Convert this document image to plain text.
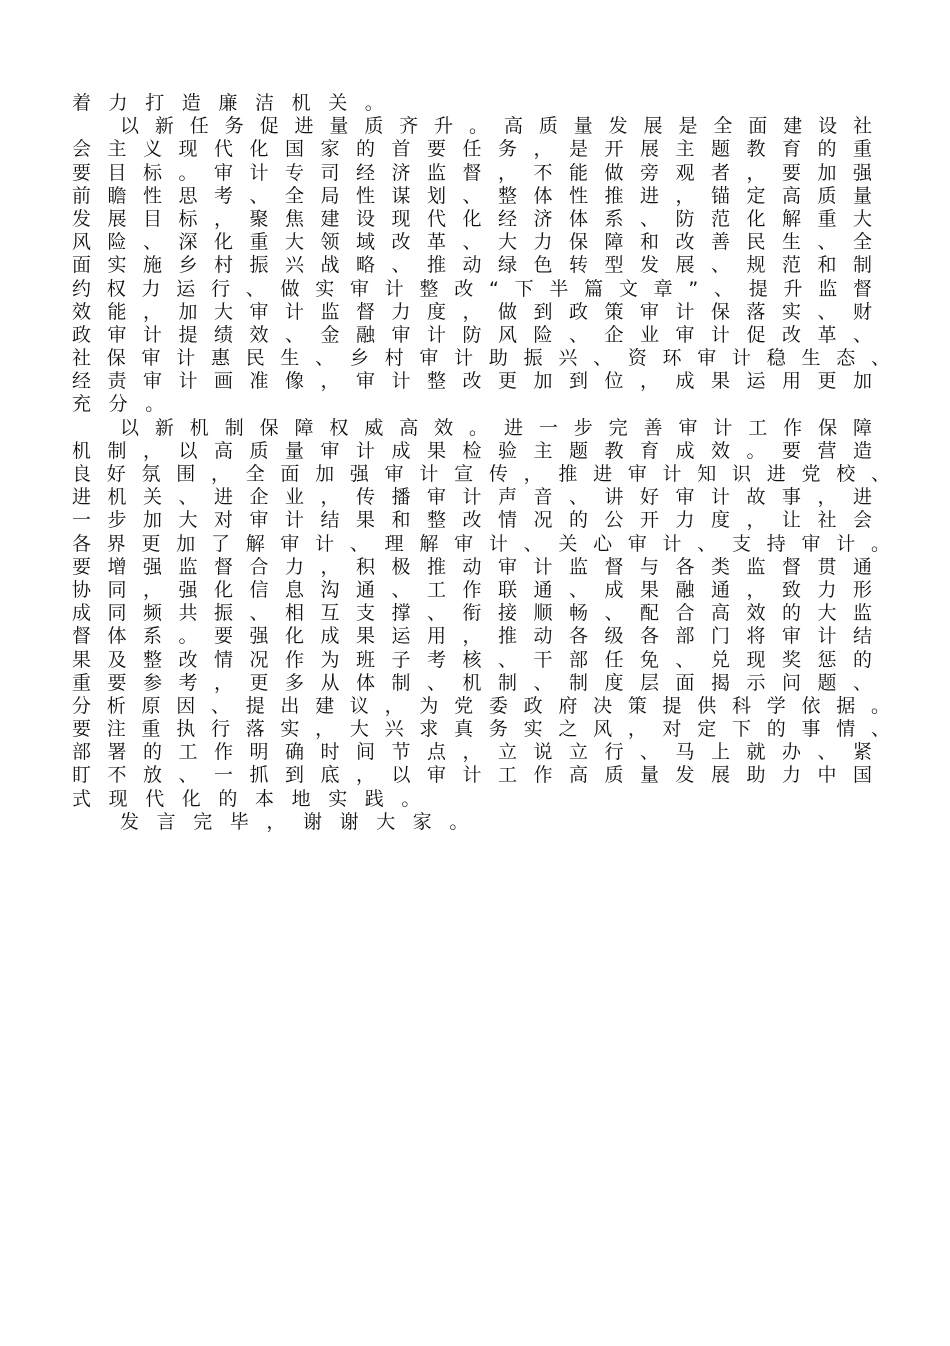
着力打造廉洁机关。
以新任务促进量质齐升。高质量发展是全面建设社
会主义现代化国家的首要任务，是开展主题教育的重
要目标。审计专司经济监督，不能做旁观者，要加强
前瞻性思考、全局性谋划、整体性推进，锚定高质量
发展目标，聚焦建设现代化经济体系、防范化解重大
风险、深化重大领域改革、大力保障和改善民生、全
面实施乡村振兴战略、推动绿色转型发展、规范和制
约权力运行、做实审计整改“下半篇文章”、提升监督
效能，加大审计监督力度，做到政策审计保落实、财
政审计提绩效、金融审计防风险、企业审计促改革、
社保审计惠民生、乡村审计助振兴、资环审计稳生态、
经责审计画准像，审计整改更加到位，成果运用更加
充分。
以新机制保障权威高效。进一步完善审计工作保障
机制，以高质量审计成果检验主题教育成效。要营造
良好氛围，全面加强审计宣传，推进审计知识进党校、
进机关、进企业，传播审计声音、讲好审计故事，进
一步加大对审计结果和整改情况的公开力度，让社会
各界更加了解审计、理解审计、关心审计、支持审计。
要增强监督合力，积极推动审计监督与各类监督贯通
协同，强化信息沟通、工作联通、成果融通，致力形
成同频共振、相互支撑、衔接顺畅、配合高效的大监
督体系。要强化成果运用，推动各级各部门将审计结
果及整改情况作为班子考核、干部任免、兑现奖惩的
重要参考，更多从体制、机制、制度层面揭示问题、
分析原因、提出建议，为党委政府决策提供科学依据。
要注重执行落实，大兴求真务实之风，对定下的事情、
部署的工作明确时间节点，立说立行、马上就办、紧
盯不放、一抓到底，以审计工作高质量发展助力中国
式现代化的本地实践。
发言完毕，谢谢大家。
